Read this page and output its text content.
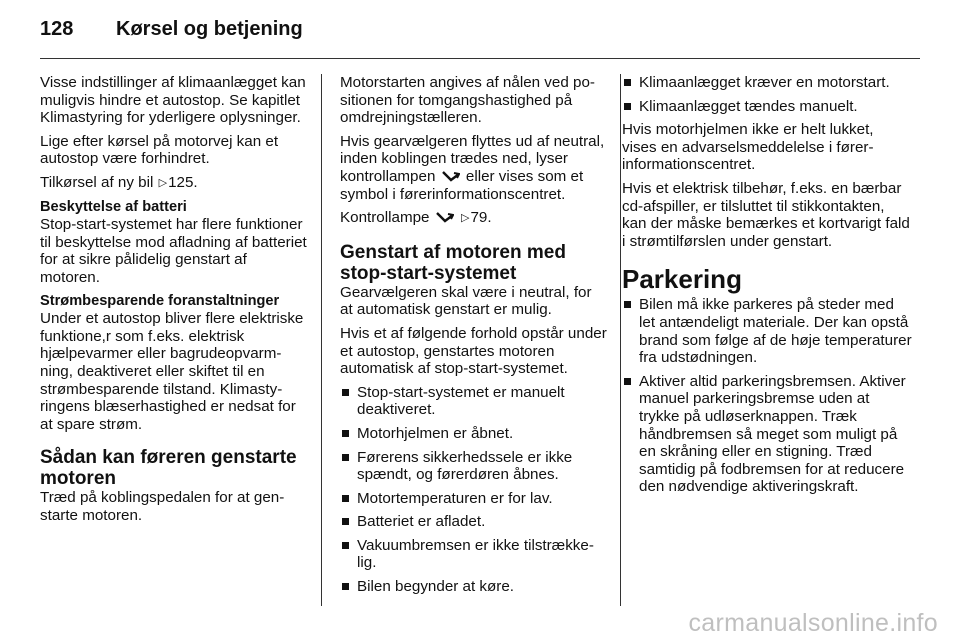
128 Kørsel og betjening

Visse indstillinger af klimaanlægget kan muligvis hindre et autostop. Se kapitlet Klimastyring for yderligere oplysninger.

Lige efter kørsel på motorvej kan et autostop være forhindret.

Tilkørsel af ny bil ▷125.

Beskyttelse af batteri

Stop-start-systemet har flere funktioner til beskyttelse mod afladning af batteriet for at sikre pålidelig genstart af motoren.

Strømbesparende foranstaltninger

Under et autostop bliver flere elektriske funktione,r som f.eks. elektrisk hjælpevarmer eller bagrudeopvarmning, deaktiveret eller skiftet til en strømbesparende tilstand. Klimastyringens blæserhastighed er nedsat for at spare strøm.

Sådan kan føreren genstarte motoren

Træd på koblingspedalen for at genstarte motoren.

Motorstarten angives af nålen ved positionen for tomgangshastighed på omdrejningstælleren.

Hvis gearvælgeren flyttes ud af neutral, inden koblingen trædes ned, lyser kontrollampen eller vises som et symbol i førerinformationscentret.

Kontrollampe	▷79.

Genstart af motoren med stop-start-systemet

Gearvælgeren skal være i neutral, for at automatisk genstart er mulig.

Hvis et af følgende forhold opstår under et autostop, genstartes motoren automatisk af stop-start-systemet.

Stop-start-systemet er manuelt deaktiveret.
Motorhjelmen er åbnet.
Førerens sikkerhedssele er ikke spændt, og førerdøren åbnes.
Motortemperaturen er for lav.
Batteriet er afladet.
Vakuumbremsen er ikke tilstrækkelig.
Bilen begynder at køre.
Klimaanlægget kræver en motorstart.
Klimaanlægget tændes manuelt.

Hvis motorhjelmen ikke er helt lukket, vises en advarselsmeddelelse i førerinformationscentret.

Hvis et elektrisk tilbehør, f.eks. en bærbar cd-afspiller, er tilsluttet til stikkontakten, kan der måske bemærkes et kortvarigt fald i strømtilførslen under genstart.

Parkering
Bilen må ikke parkeres på steder med let antændeligt materiale. Der kan opstå brand som følge af de høje temperaturer fra udstødningen.
Aktiver altid parkeringsbremsen. Aktiver manuel parkeringsbremse uden at trykke på udløserknappen. Træk håndbremsen så meget som muligt på en skråning eller en stigning. Træd samtidig på fodbremsen for at reducere den nødvendige aktiveringskraft.
carmanualsonline.info
